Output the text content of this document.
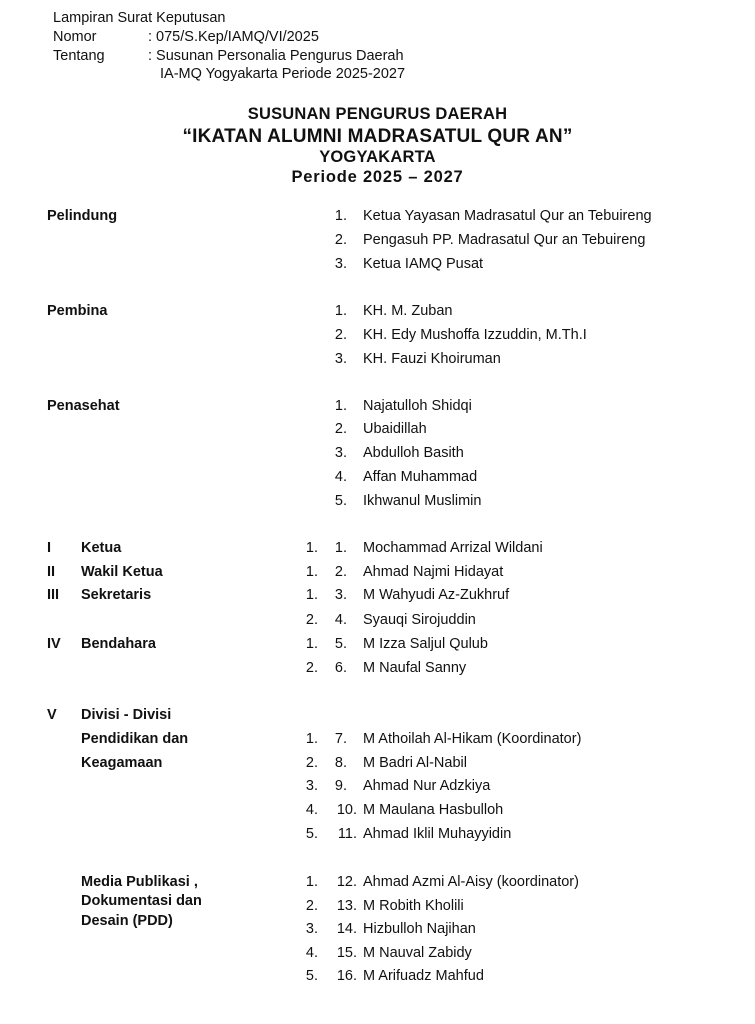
Lampiran Surat Keputusan
Nomor	: 075/S.Kep/IAMQ/VI/2025
Tentang	: Susunan Personalia Pengurus Daerah
IA-MQ Yogyakarta Periode 2025-2027
SUSUNAN PENGURUS DAERAH
“IKATAN ALUMNI MADRASATUL QUR AN”
YOGYAKARTA
Periode 2025 – 2027
Pelindung	1. Ketua Yayasan Madrasatul Qur an Tebuireng
2. Pengasuh PP. Madrasatul Qur an Tebuireng
3. Ketua IAMQ Pusat
Pembina	1. KH. M. Zuban
2. KH. Edy Mushoffa Izzuddin, M.Th.I
3. KH. Fauzi Khoiruman
Penasehat	1. Najatulloh Shidqi
2. Ubaidillah
3. Abdulloh Basith
4. Affan Muhammad
5. Ikhwanul Muslimin
I Ketua	1.	1. Mochammad Arrizal Wildani
II Wakil Ketua	1.	2. Ahmad Najmi Hidayat
III Sekretaris	1.	3. M Wahyudi Az-Zukhruf
2.	4. Syauqi Sirojuddin
IV Bendahara	1.	5. M Izza Saljul Qulub
2.	6. M Naufal Sanny
V Divisi - Divisi
Pendidikan dan
Keagamaan
1.	7. M Athoilah Al-Hikam (Koordinator)
2.	8. M Badri Al-Nabil
3.	9. Ahmad Nur Adzkiya
4.	10. M Maulana Hasbulloh
5.	11. Ahmad Iklil Muhayyidin
Media Publikasi ,
Dokumentasi dan
Desain (PDD)
1.	12. Ahmad Azmi Al-Aisy (koordinator)
2.	13. M Robith Kholili
3.	14. Hizbulloh Najihan
4.	15. M Nauval Zabidy
5.	16. M Arifuadz Mahfud
